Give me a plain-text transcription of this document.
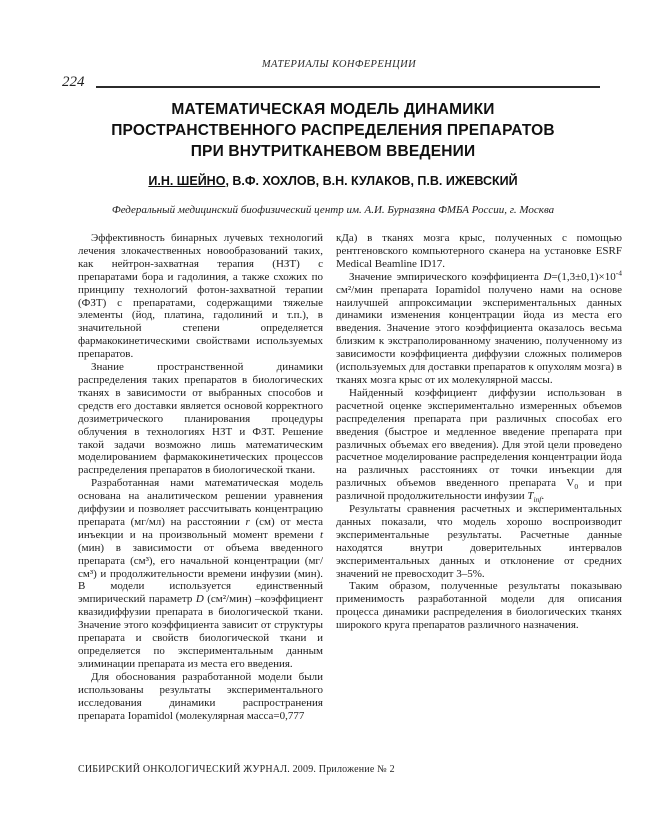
МАТЕРИАЛЫ КОНФЕРЕНЦИИ
224
МАТЕМАТИЧЕСКАЯ МОДЕЛЬ ДИНАМИКИ
ПРОСТРАНСТВЕННОГО РАСПРЕДЕЛЕНИЯ ПРЕПАРАТОВ
ПРИ ВНУТРИТКАНЕВОМ ВВЕДЕНИИ
И.Н. ШЕЙНО, В.Ф. ХОХЛОВ, В.Н. КУЛАКОВ, П.В. ИЖЕВСКИЙ
Федеральный медицинский биофизический центр им. А.И. Бурназяна ФМБА России, г. Москва

Эффективность бинарных лучевых технологий лечения злокачественных новообразований таких, как нейтрон-захватная терапия (НЗТ) с препаратами бора и гадолиния, а также схожих по принципу технологий фотон-захватной терапии (ФЗТ) с препаратами, содержащими тяжелые элементы (йод, платина, гадолиний и т.п.), в значительной степени определяется фармакокинетическими свойствами используемых препаратов.

Знание пространственной динамики распределения таких препаратов в биологических тканях в зависимости от выбранных способов и средств его доставки является основой корректного дозиметрического планирования процедуры облучения в технологиях НЗТ и ФЗТ. Решение такой задачи возможно лишь математическим моделированием фармакокинетических процессов распределения препаратов в биологической ткани.

Разработанная нами математическая модель основана на аналитическом решении уравнения диффузии и позволяет рассчитывать концентрацию препарата (мг/мл) на расстоянии r (см) от места инъекции и на произвольный момент времени t (мин) в зависимости от объема введенного препарата (см³), его начальной концентрации (мг/см³) и продолжительности времени инфузии (мин). В модели используется единственный эмпирический параметр D (см²/мин) –коэффициент квазидиффузии препарата в биологической ткани. Значение этого коэффициента зависит от структуры препарата и свойств биологической ткани и определяется по экспериментальным данным элиминации препарата из места его введения.

Для обоснования разработанной модели были использованы результаты экспериментального исследования динамики распространения препарата Iopamidol (молекулярная масса=0,777

кДа) в тканях мозга крыс, полученных с помощью рентгеновского компьютерного сканера на установке ESRF Medical Beamline ID17.

Значение эмпирического коэффициента $D=(1,3\pm 0,1)\times 10^{-4}$ см²/мин препарата Iopamidol получено нами на основе наилучшей аппроксимации экспериментальных данных динамики изменения концентрации йода из места его введения. Значение этого коэффициента оказалось весьма близким к экстраполированному значению, полученному из зависимости коэффициента диффузии сложных полимеров (используемых для доставки препаратов к опухолям мозга) в тканях мозга крыс от их молекулярной массы.

Найденный коэффициент диффузии использован в расчетной оценке экспериментально измеренных объемов распределения препарата при различных способах его введения (быстрое и медленное введение препарата при различных объемах его введения). Для этой цели проведено расчетное моделирование распределения концентрации йода на различных расстояниях от точки инъекции для различных объемов введенного препарата $V_0$ и при различной продолжительности инфузии $T_{inf}$.

Результаты сравнения расчетных и экспериментальных данных показали, что модель хорошо воспроизводит экспериментальные результаты. Расчетные данные находятся внутри доверительных интервалов экспериментальных данных и отклонение от средних значений не превосходит 3–5%.

Таким образом, полученные результаты показываю применимость разработанной модели для описания процесса динамики распределения в биологических тканях широкого круга препаратов различного назначения.

СИБИРСКИЙ ОНКОЛОГИЧЕСКИЙ ЖУРНАЛ. 2009. Приложение № 2
